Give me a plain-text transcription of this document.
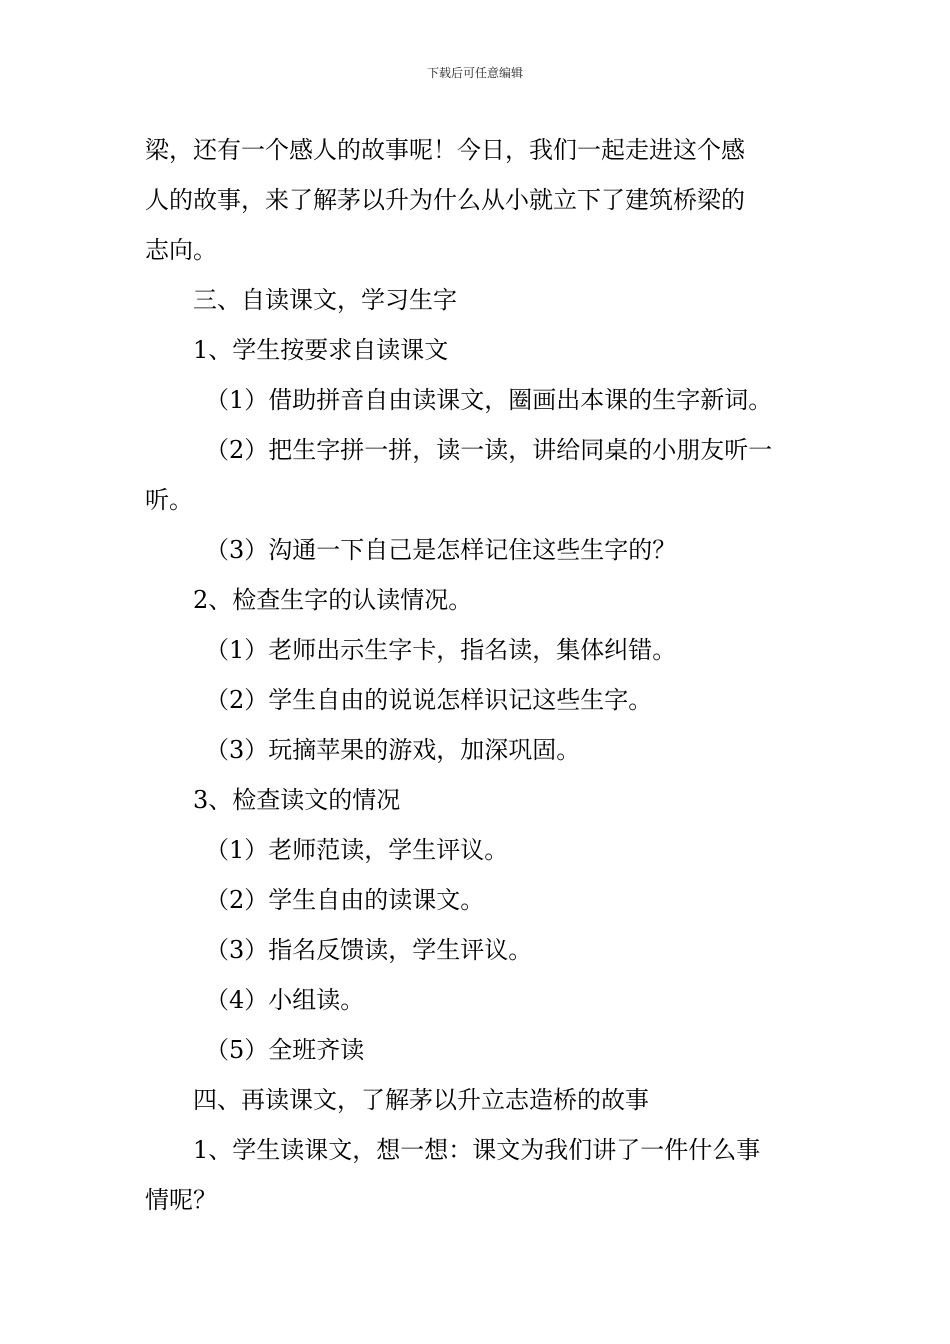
下载后可任意编辑
梁，还有一个感人的故事呢！今日，我们一起走进这个感
人的故事，来了解茅以升为什么从小就立下了建筑桥梁的
志向。
三、自读课文，学习生字
1、学生按要求自读课文
（1）借助拼音自由读课文，圈画出本课的生字新词。
（2）把生字拼一拼，读一读，讲给同桌的小朋友听一
听。
（3）沟通一下自己是怎样记住这些生字的？
2、检查生字的认读情况。
（1）老师出示生字卡，指名读，集体纠错。
（2）学生自由的说说怎样识记这些生字。
（3）玩摘苹果的游戏，加深巩固。
3、检查读文的情况
（1）老师范读，学生评议。
（2）学生自由的读课文。
（3）指名反馈读，学生评议。
（4）小组读。
（5）全班齐读
四、再读课文，了解茅以升立志造桥的故事
1、学生读课文，想一想：课文为我们讲了一件什么事
情呢？
